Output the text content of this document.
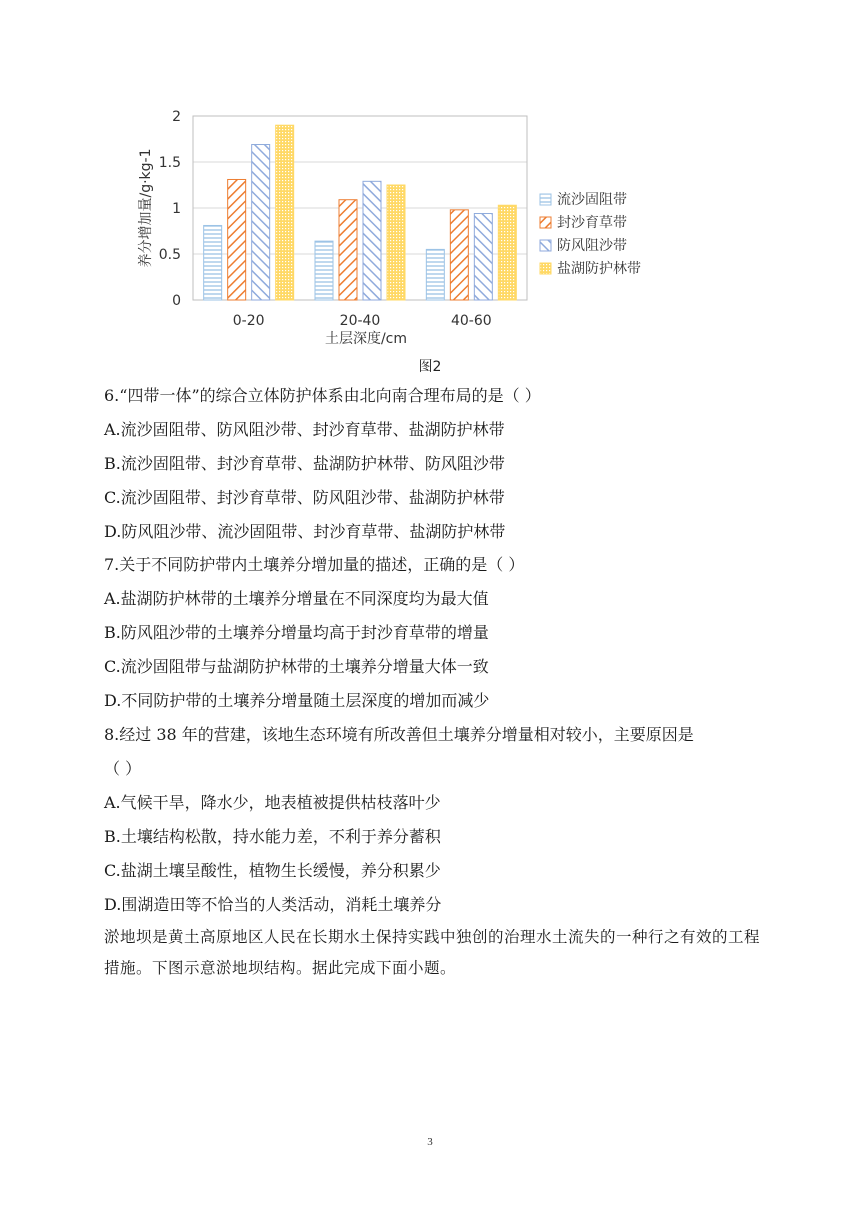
0
0.5
1
1.5
2
0-20	20-40	40-60
养分增加量/g·kg-1
土层深度/cm
流沙固阻带
封沙育草带
防风阻沙带
盐湖防护林带
图2
6.“四带一体”的综合立体防护体系由北向南合理布局的是（ ）
A.流沙固阻带、防风阻沙带、封沙育草带、盐湖防护林带
B.流沙固阻带、封沙育草带、盐湖防护林带、防风阻沙带
C.流沙固阻带、封沙育草带、防风阻沙带、盐湖防护林带
D.防风阻沙带、流沙固阻带、封沙育草带、盐湖防护林带
7.关于不同防护带内土壤养分增加量的描述，正确的是（ ）
A.盐湖防护林带的土壤养分增量在不同深度均为最大值
B.防风阻沙带的土壤养分增量均高于封沙育草带的增量
C.流沙固阻带与盐湖防护林带的土壤养分增量大体一致
D.不同防护带的土壤养分增量随土层深度的增加而减少
8.经过 38 年的营建，该地生态环境有所改善但土壤养分增量相对较小，主要原因是
（ ）
A.气候干旱，降水少，地表植被提供枯枝落叶少
B.土壤结构松散，持水能力差，不利于养分蓄积
C.盐湖土壤呈酸性，植物生长缓慢，养分积累少
D.围湖造田等不恰当的人类活动，消耗土壤养分
淤地坝是黄土高原地区人民在长期水土保持实践中独创的治理水土流失的一种行之有效的工程措施。下图示意淤地坝结构。据此完成下面小题。
3
